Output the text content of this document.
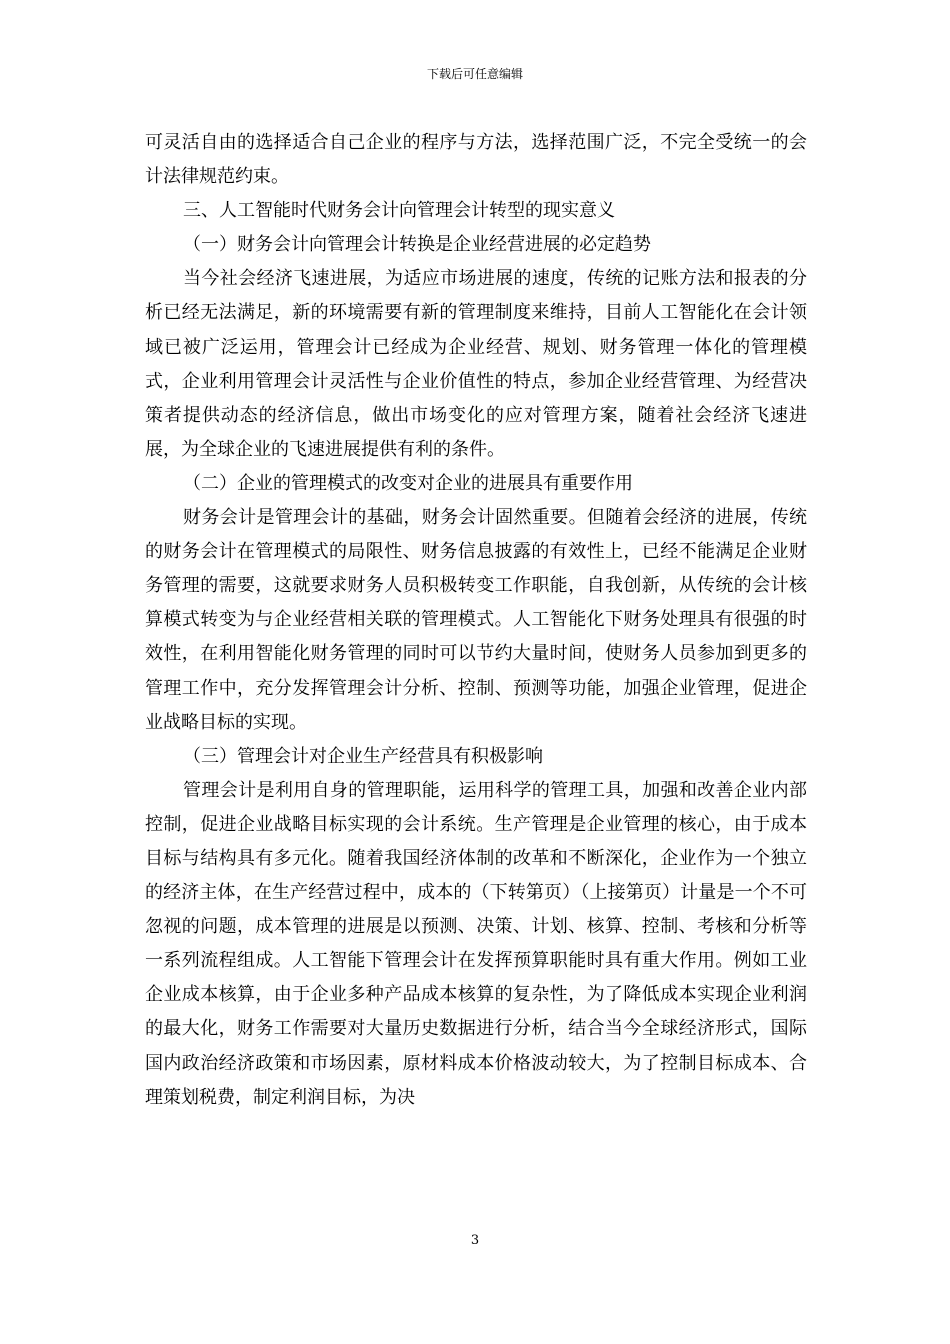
下载后可任意编辑

可灵活自由的选择适合自己企业的程序与方法，选择范围广泛，不完全受统一的会计法律规范约束。

三、人工智能时代财务会计向管理会计转型的现实意义

（一）财务会计向管理会计转换是企业经营进展的必定趋势

当今社会经济飞速进展，为适应市场进展的速度，传统的记账方法和报表的分析已经无法满足，新的环境需要有新的管理制度来维持，目前人工智能化在会计领域已被广泛运用，管理会计已经成为企业经营、规划、财务管理一体化的管理模式，企业利用管理会计灵活性与企业价值性的特点，参加企业经营管理、为经营决策者提供动态的经济信息，做出市场变化的应对管理方案，随着社会经济飞速进展，为全球企业的飞速进展提供有利的条件。

（二）企业的管理模式的改变对企业的进展具有重要作用

财务会计是管理会计的基础，财务会计固然重要。但随着会经济的进展，传统的财务会计在管理模式的局限性、财务信息披露的有效性上，已经不能满足企业财务管理的需要，这就要求财务人员积极转变工作职能，自我创新，从传统的会计核算模式转变为与企业经营相关联的管理模式。人工智能化下财务处理具有很强的时效性，在利用智能化财务管理的同时可以节约大量时间，使财务人员参加到更多的管理工作中，充分发挥管理会计分析、控制、预测等功能，加强企业管理，促进企业战略目标的实现。

（三）管理会计对企业生产经营具有积极影响

管理会计是利用自身的管理职能，运用科学的管理工具，加强和改善企业内部控制，促进企业战略目标实现的会计系统。生产管理是企业管理的核心，由于成本目标与结构具有多元化。随着我国经济体制的改革和不断深化，企业作为一个独立的经济主体，在生产经营过程中，成本的（下转第页）（上接第页）计量是一个不可忽视的问题，成本管理的进展是以预测、决策、计划、核算、控制、考核和分析等一系列流程组成。人工智能下管理会计在发挥预算职能时具有重大作用。例如工业企业成本核算，由于企业多种产品成本核算的复杂性，为了降低成本实现企业利润的最大化，财务工作需要对大量历史数据进行分析，结合当今全球经济形式，国际国内政治经济政策和市场因素，原材料成本价格波动较大，为了控制目标成本、合理策划税费，制定利润目标，为决

3
